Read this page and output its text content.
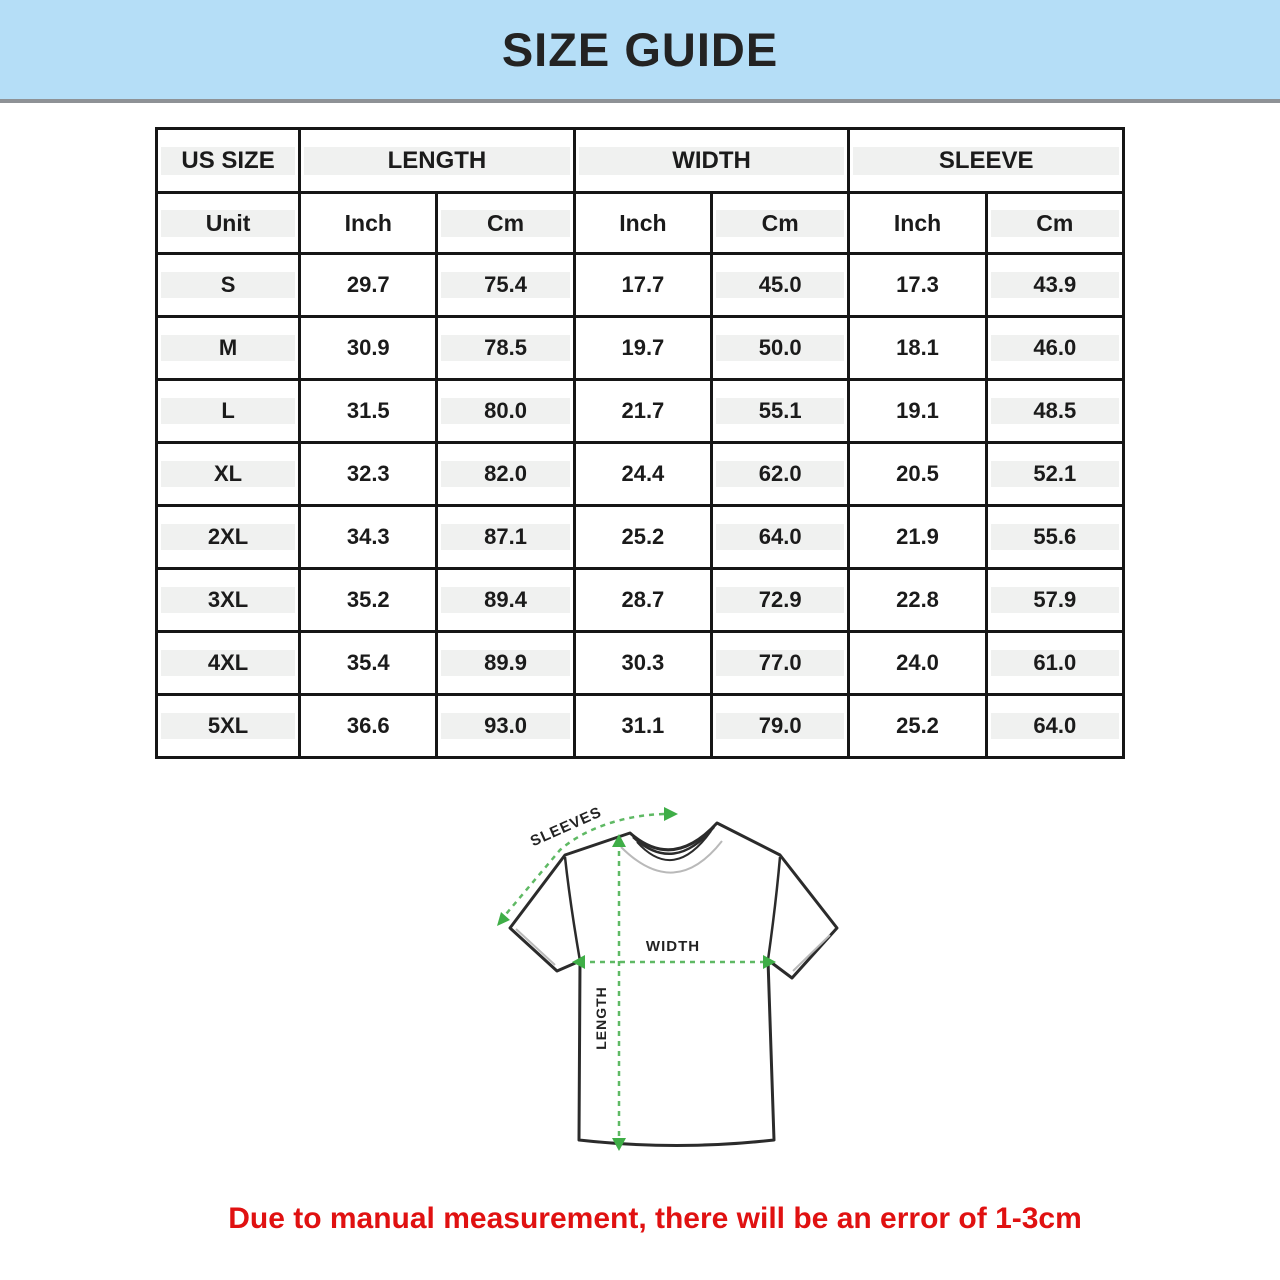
SIZE GUIDE
US SIZE	LENGTH		WIDTH		SLEEVE	

Unit	Inch	Cm	Inch	Cm	Inch	Cm

S	29.7	75.4	17.7	45.0	17.3	43.9

M	30.9	78.5	19.7	50.0	18.1	46.0

L	31.5	80.0	21.7	55.1	19.1	48.5

XL	32.3	82.0	24.4	62.0	20.5	52.1

2XL	34.3	87.1	25.2	64.0	21.9	55.6

3XL	35.2	89.4	28.7	72.9	22.8	57.9

4XL	35.4	89.9	30.3	77.0	24.0	61.0

5XL	36.6	93.0	31.1	79.0	25.2	64.0
SLEEVES
WIDTH
LENGTH
Due to manual measurement, there will be an error of 1-3cm
